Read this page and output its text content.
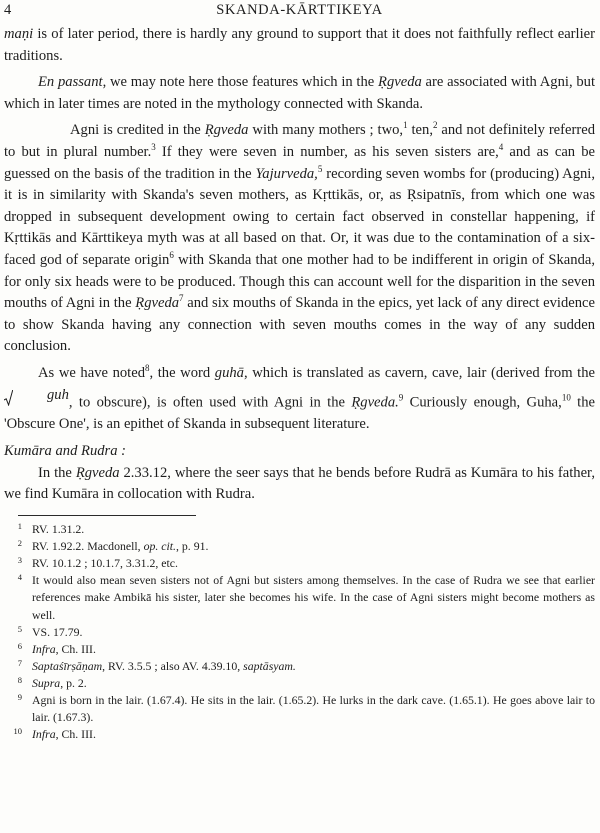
4	SKANDA-KĀRTTIKEYA

maṇi is of later period, there is hardly any ground to support that it does not faithfully reflect earlier traditions.

En passant, we may note here those features which in the Ṛgveda are associated with Agni, but which in later times are noted in the mythology connected with Skanda.

Agni is credited in the Ṛgveda with many mothers ; two,$^1$ ten,$^2$ and not definitely referred to but in plural number.$^3$ If they were seven in number, as his seven sisters are,$^4$ and as can be guessed on the basis of the tradition in the Yajurveda,$^5$ recording seven wombs for (producing) Agni, it is in similarity with Skanda's seven mothers, as Kṛttikās, or, as Ṛsipatnīs, from which one was dropped in subsequent development owing to certain fact observed in constellar happening, if Kṛttikās and Kārttikeya myth was at all based on that. Or, it was due to the contamination of a six-faced god of separate origin$^6$ with Skanda that one mother had to be indifferent in origin of Skanda, for only six heads were to be produced. Though this can account well for the disparition in the seven mouths of Agni in the Ṛgveda$^7$ and six mouths of Skanda in the epics, yet lack of any direct evidence to show Skanda having any connection with seven mouths comes in the way of any sudden conclusion.

As we have noted$^8$, the word guhā, which is translated as cavern, cave, lair (derived from the
guh , to obscure), is often used with Agni in the Ṛgveda.$^9$ Curiously enough, Guha,$^{10}$ the 'Obscure One', is an epithet of Skanda in subsequent literature.

Kumāra and Rudra :

In the Ṛgveda 2.33.12, where the seer says that he bends before Rudrā as Kumāra to his father, we find Kumāra in collocation with Rudra.

1 RV. 1.31.2.
2 RV. 1.92.2. Macdonell, op. cit., p. 91.
3 RV. 10.1.2 ; 10.1.7, 3.31.2, etc.
4 It would also mean seven sisters not of Agni but sisters among themselves. In the case of Rudra we see that earlier references make Ambikā his sister, later she becomes his wife. In the case of Agni sisters might become mothers as well.
5 VS. 17.79.
6 Infra, Ch. III.
7 Saptaśīrṣāṇam, RV. 3.5.5 ; also AV. 4.39.10, saptāsyam.
8 Supra, p. 2.
9 Agni is born in the lair. (1.67.4). He sits in the lair. (1.65.2). He lurks in the dark cave. (1.65.1). He goes above lair to lair. (1.67.3).
10 Infra, Ch. III.
